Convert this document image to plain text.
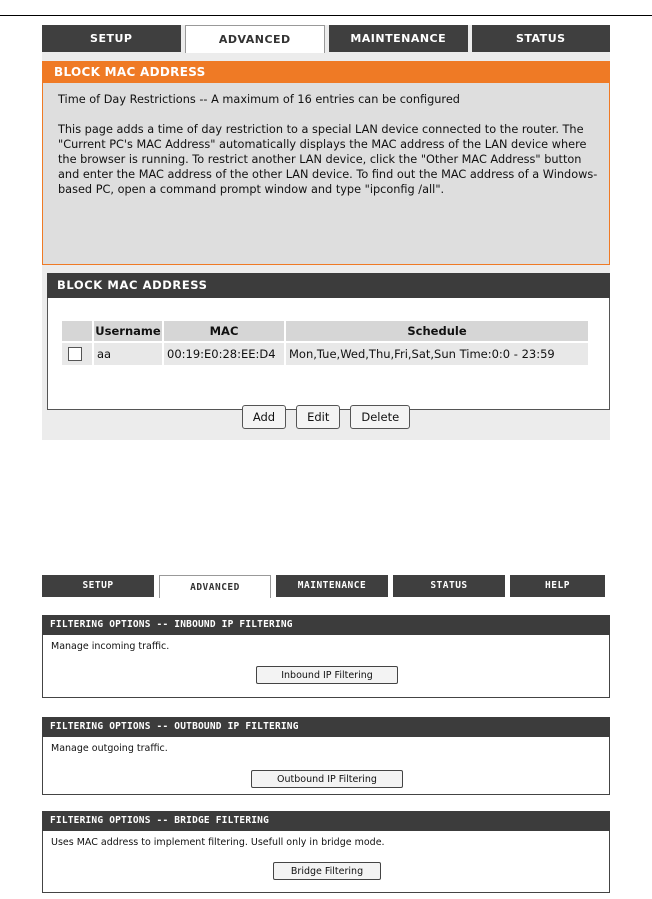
SETUP	ADVANCED	MAINTENANCE	STATUS
BLOCK MAC ADDRESS

Time of Day Restrictions -- A maximum of 16 entries can be configured

This page adds a time of day restriction to a special LAN device connected to the router. The "Current PC's MAC Address" automatically displays the MAC address of the LAN device where the browser is running. To restrict another LAN device, click the "Other MAC Address" button and enter the MAC address of the other LAN device. To find out the MAC address of a Windows-based PC, open a command prompt window and type "ipconfig /all".

BLOCK MAC ADDRESS
	Username	MAC	Schedule
	aa	00:19:E0:28:EE:D4	Mon,Tue,Wed,Thu,Fri,Sat,Sun Time:0:0 - 23:59
Add	Edit	Delete
SETUP	ADVANCED	MAINTENANCE	STATUS	HELP
FILTERING OPTIONS -- INBOUND IP FILTERING
Manage incoming traffic.
Inbound IP Filtering
FILTERING OPTIONS -- OUTBOUND IP FILTERING
Manage outgoing traffic.
Outbound IP Filtering
FILTERING OPTIONS -- BRIDGE FILTERING
Uses MAC address to implement filtering. Usefull only in bridge mode.
Bridge Filtering
